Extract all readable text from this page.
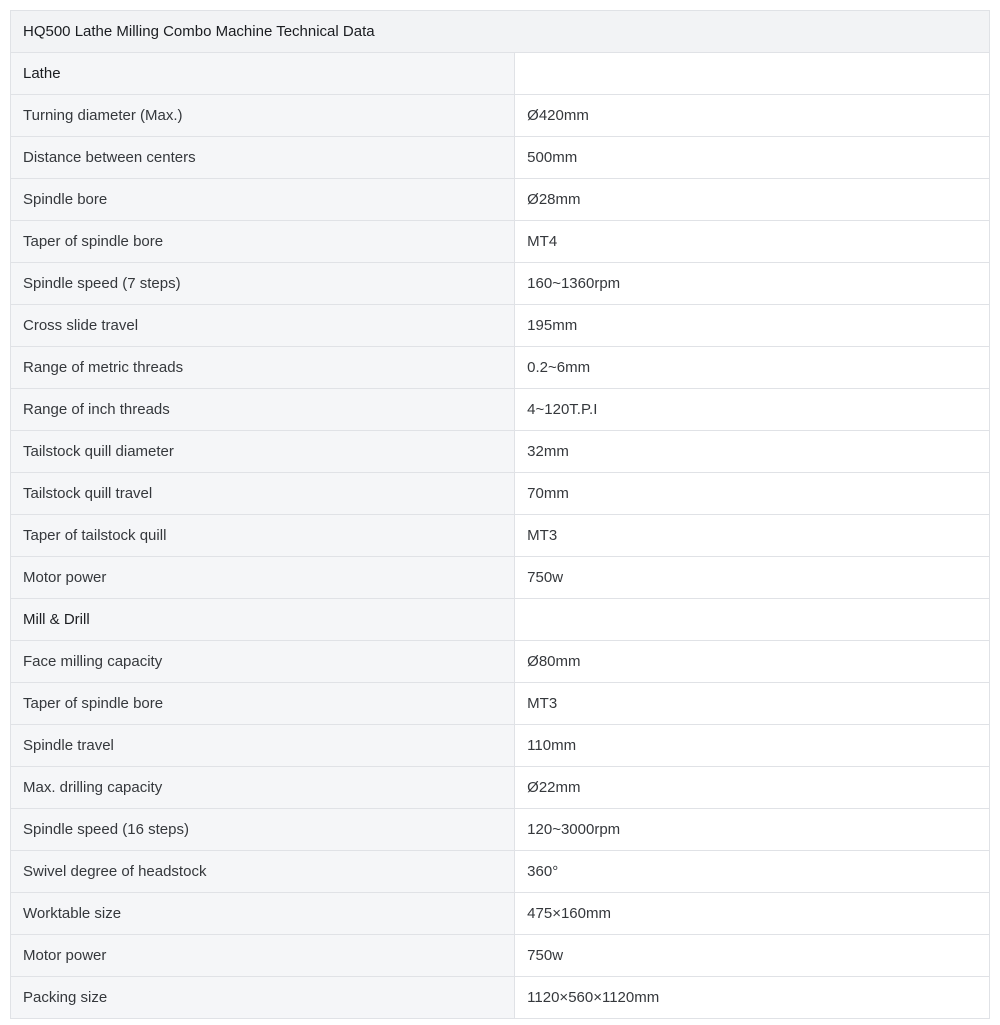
HQ500 Lathe Milling Combo Machine Technical Data	
Lathe	
Turning diameter (Max.)	Ø420mm
Distance between centers	500mm
Spindle bore	Ø28mm
Taper of spindle bore	MT4
Spindle speed (7 steps)	160~1360rpm
Cross slide travel	195mm
Range of metric threads	0.2~6mm
Range of inch threads	4~120T.P.I
Tailstock quill diameter	32mm
Tailstock quill travel	70mm
Taper of tailstock quill	MT3
Motor power	750w
Mill & Drill	
Face milling capacity	Ø80mm
Taper of spindle bore	MT3
Spindle travel	110mm
Max. drilling capacity	Ø22mm
Spindle speed (16 steps)	120~3000rpm
Swivel degree of headstock	360°
Worktable size	475×160mm
Motor power	750w
Packing size	1120×560×1120mm
